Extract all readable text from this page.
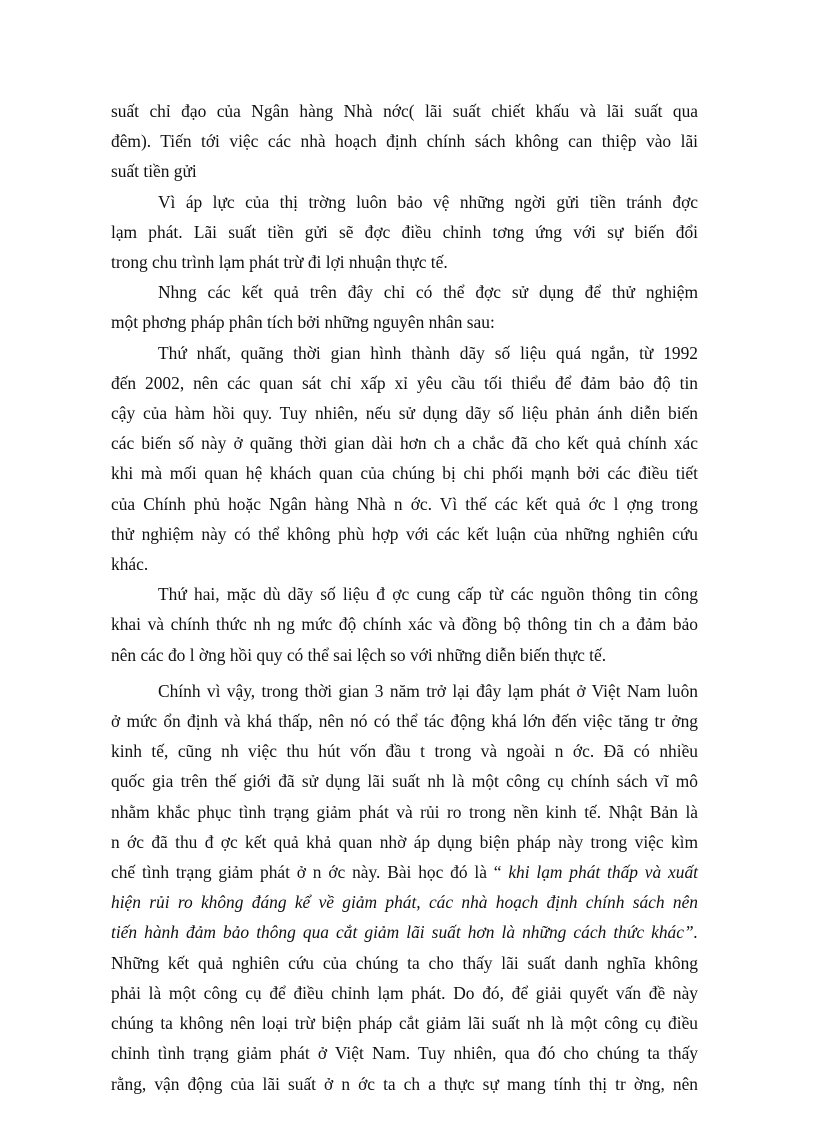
suất chỉ đạo của Ngân hàng Nhà nớc( lãi suất chiết khấu và lãi suất qua
đêm). Tiến tới việc các nhà hoạch định chính sách không can thiệp vào lãi
suất tiền gửi
Vì áp lực của thị trờng luôn bảo vệ những ngời gửi tiền tránh đợc
lạm phát. Lãi suất tiền gửi sẽ đợc điều chỉnh tơng ứng với sự biến đổi
trong chu trình lạm phát trừ đi lợi nhuận thực tế.
Nhng các kết quả trên đây chỉ có thể đợc sử dụng để thử nghiệm
một phơng pháp phân tích bởi những nguyên nhân sau:
Thứ nhất, quãng thời gian hình thành dãy số liệu quá ngắn, từ 1992
đến 2002, nên các quan sát chỉ xấp xỉ yêu cầu tối thiểu để đảm bảo độ tin
cậy của hàm hồi quy. Tuy nhiên, nếu sử dụng dãy số liệu phản ánh diễn biến
các biến số này ở quãng thời gian dài hơn ch a chắc đã cho kết quả chính xác
khi mà mối quan hệ khách quan của chúng bị chi phối mạnh bởi các điều tiết
của Chính phủ hoặc Ngân hàng Nhà n ớc. Vì thế các kết quả ớc l ợng trong
thử nghiệm này có thể không phù hợp với các kết luận của những nghiên cứu
khác.
Thứ hai, mặc dù dãy số liệu đ ợc cung cấp từ các nguồn thông tin công
khai và chính thức nh ng mức độ chính xác và đồng bộ thông tin ch a đảm bảo
nên các đo l ờng hồi quy có thể sai lệch so với những diễn biến thực tế.
Chính vì vậy, trong thời gian 3 năm trở lại đây lạm phát ở Việt Nam luôn
ở mức ổn định và khá thấp, nên nó có thể tác động khá lớn đến việc tăng tr ởng
kinh tế, cũng nh việc thu hút vốn đầu t trong và ngoài n ớc. Đã có nhiều
quốc gia trên thế giới đã sử dụng lãi suất nh là một công cụ chính sách vĩ mô
nhằm khắc phục tình trạng giảm phát và rủi ro trong nền kinh tế. Nhật Bản là
n ớc đã thu đ ợc kết quả khả quan nhờ áp dụng biện pháp này trong việc kìm
chế tình trạng giảm phát ở n ớc này. Bài học đó là “ khi lạm phát thấp và xuất
hiện rủi ro không đáng kể về giảm phát, các nhà hoạch định chính sách nên
tiến hành đảm bảo thông qua cắt giảm lãi suất hơn là những cách thức khác”.
Những kết quả nghiên cứu của chúng ta cho thấy lãi suất danh nghĩa không
phải là một công cụ để điều chỉnh lạm phát. Do đó, để giải quyết vấn đề này
chúng ta không nên loại trừ biện pháp cắt giảm lãi suất nh là một công cụ điều
chỉnh tình trạng giảm phát ở Việt Nam. Tuy nhiên, qua đó cho chúng ta thấy
rằng, vận động của lãi suất ở n ớc ta ch a thực sự mang tính thị tr ờng, nên
